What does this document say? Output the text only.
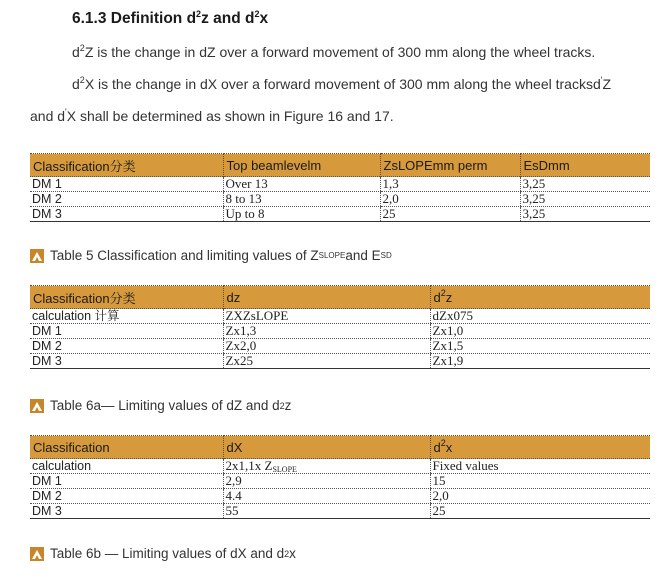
6.1.3 Definition $d^2z$ and $d^2x$
$d^2Z$ is the change in dZ over a forward movement of 300 mm along the wheel tracks.
$d^2X$ is the change in dX over a forward movement of 300 mm along the wheel tracksd'Z
and d'X shall be determined as shown in Figure 16 and 17.
Classification分类	Top beamlevelm	ZsLOPEmm perm	EsDmm
DM 1	Over 13	1,3	3,25
DM 2	8 to 13	2,0	3,25
DM 3	Up to 8	25	3,25
Table 5 Classification and limiting values of Z SLOPE and E SD
Classification分类	dz	$d^2z$
calculation 计算	ZXZsLOPE	dZx075
DM 1	Zx1,3	Zx1,0
DM 2	Zx2,0	Zx1,5
DM 3	Zx25	Zx1,9
Table 6a— Limiting values of dZ and d 2 z
Classification	dX	$d^2x$
calculation	2x1,1x $Z_{SLOPE}$	Fixed values
DM 1	2,9	15
DM 2	4.4	2,0
DM 3	55	25
Table 6b — Limiting values of dX and d 2 x
